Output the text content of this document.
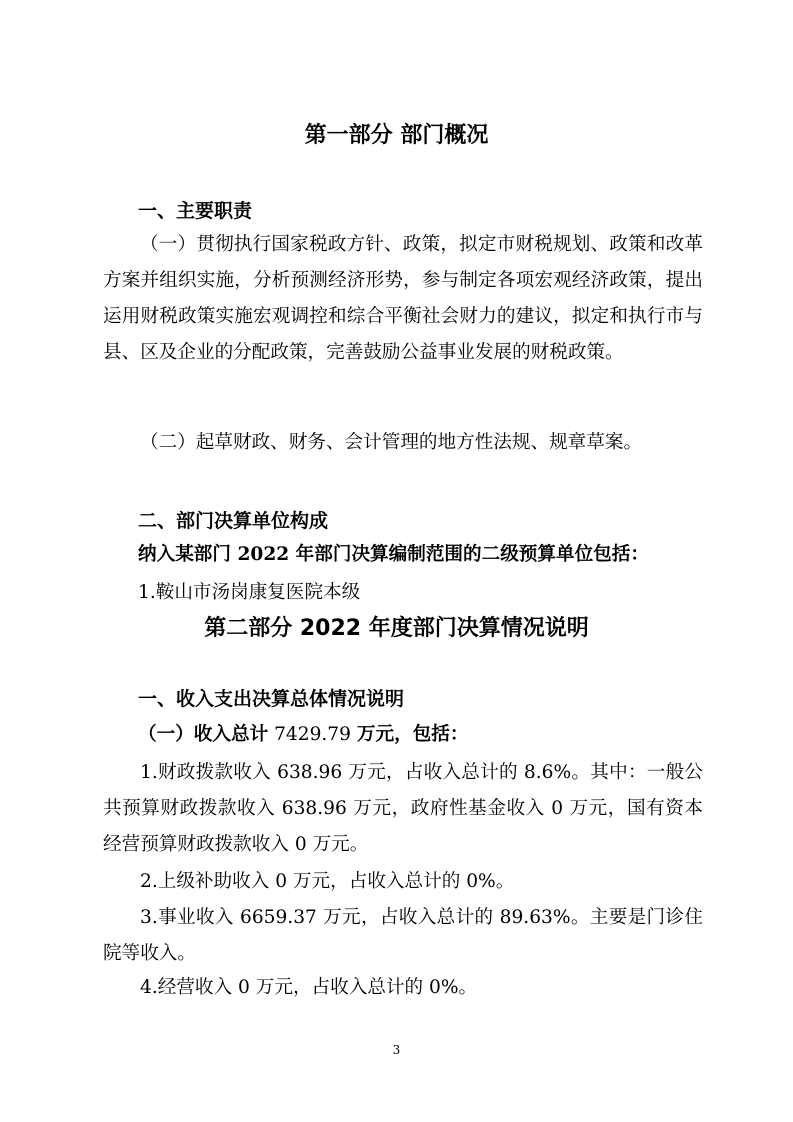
第一部分 部门概况
一、主要职责
（一）贯彻执行国家税政方针、政策，拟定市财税规划、政策和改革方案并组织实施，分析预测经济形势，参与制定各项宏观经济政策，提出运用财税政策实施宏观调控和综合平衡社会财力的建议，拟定和执行市与县、区及企业的分配政策，完善鼓励公益事业发展的财税政策。
（二）起草财政、财务、会计管理的地方性法规、规章草案。
二、部门决算单位构成
纳入某部门 2022 年部门决算编制范围的二级预算单位包括：
1.鞍山市汤岗康复医院本级
第二部分 2022 年度部门决算情况说明
一、收入支出决算总体情况说明
（一）收入总计 7429.79 万元，包括：
1.财政拨款收入 638.96 万元，占收入总计的 8.6%。其中：一般公共预算财政拨款收入 638.96 万元，政府性基金收入 0 万元，国有资本经营预算财政拨款收入 0 万元。
2.上级补助收入 0 万元，占收入总计的 0%。
3.事业收入 6659.37 万元，占收入总计的 89.63%。主要是门诊住院等收入。
4.经营收入 0 万元，占收入总计的 0%。
3
